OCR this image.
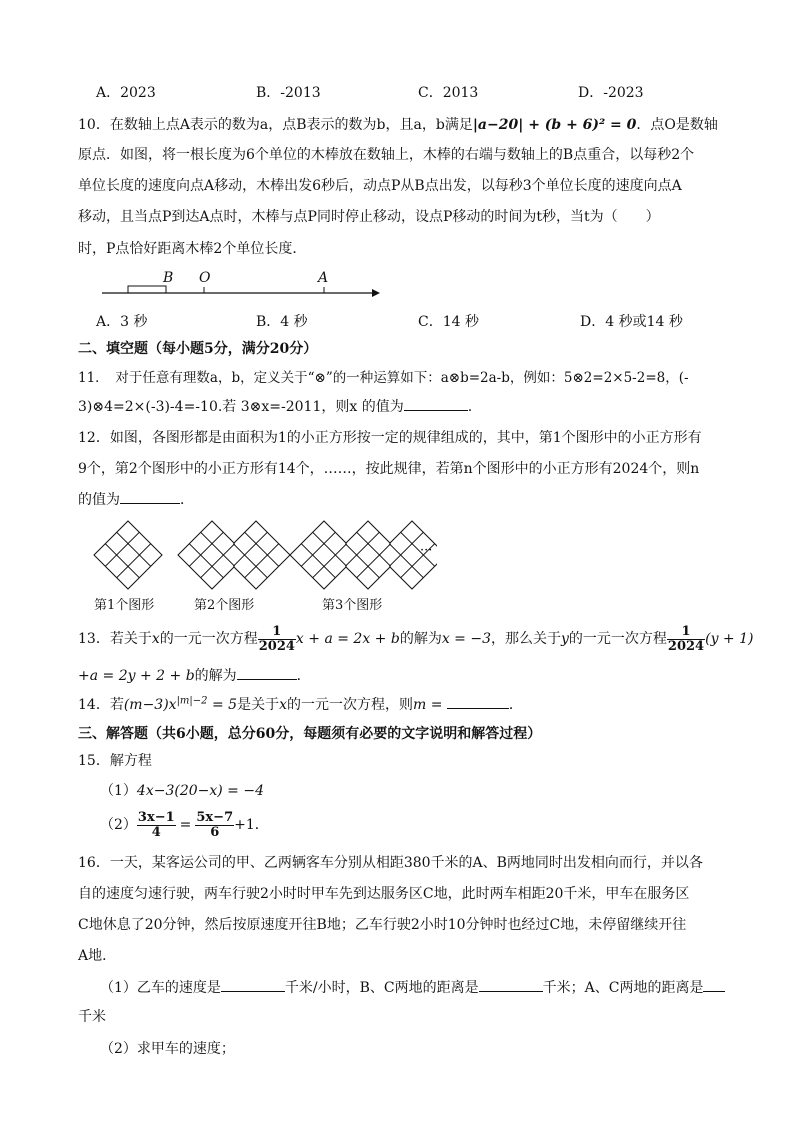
A．2023	B．-2013	C．2013	D．-2023
10．在数轴上点A表示的数为a，点B表示的数为b，且a，b满足|a−20| + (b + 6)² = 0．点O是数轴
原点．如图，将一根长度为6个单位的木棒放在数轴上，木棒的右端与数轴上的B点重合，以每秒2个
单位长度的速度向点A移动，木棒出发6秒后，动点P从B点出发，以每秒3个单位长度的速度向点A
移动，且当点P到达A点时，木棒与点P同时停止移动，设点P移动的时间为t秒，当t为（　　）
时，P点恰好距离木棒2个单位长度．
B O	A
A．3 秒	B．4 秒	C．14 秒	D．4 秒或14 秒
二、填空题（每小题5分，满分20分）
11．　对于任意有理数a，b，定义关于“⊗”的一种运算如下：a⊗b=2a-b，例如：5⊗2=2×5-2=8，(-
3)⊗4=2×(-3)-4=-10.若 3⊗x=-2011，则x 的值为	.
12．如图，各图形都是由面积为1的小正方形按一定的规律组成的，其中，第1个图形中的小正方形有
9个，第2个图形中的小正方形有14个，……，按此规律，若第n个图形中的小正方形有2024个，则n
的值为	．
···
第1个图形	第2个图形	第3个图形
13．若关于x的一元一次方程 $\frac{1}{2024}$ x + a = 2x + b的解为x = −3，那么关于y的一元一次方程 $\frac{1}{2024} (y + 1)$
+a = 2y + 2 + b的解为	．
14．若$(m-3)x^{|m|-2} = 5$是关于x的一元一次方程，则m =	．
三、解答题（共6小题，总分60分，每题须有必要的文字说明和解答过程）
15．解方程
（1）4x−3(20−x) = −4
$(2) \frac{3x-1}{4} = \frac{5x-7}{6} +1$．
16．一天，某客运公司的甲、乙两辆客车分别从相距380千米的A、B两地同时出发相向而行，并以各
自的速度匀速行驶，两车行驶2小时时甲车先到达服务区C地，此时两车相距20千米，甲车在服务区
C地休息了20分钟，然后按原速度开往B地；乙车行驶2小时10分钟时也经过C地，未停留继续开往
A地．
（1）乙车的速度是	千米/小时，B、C两地的距离是	千米；A、C两地的距离是
千米
（2）求甲车的速度；
